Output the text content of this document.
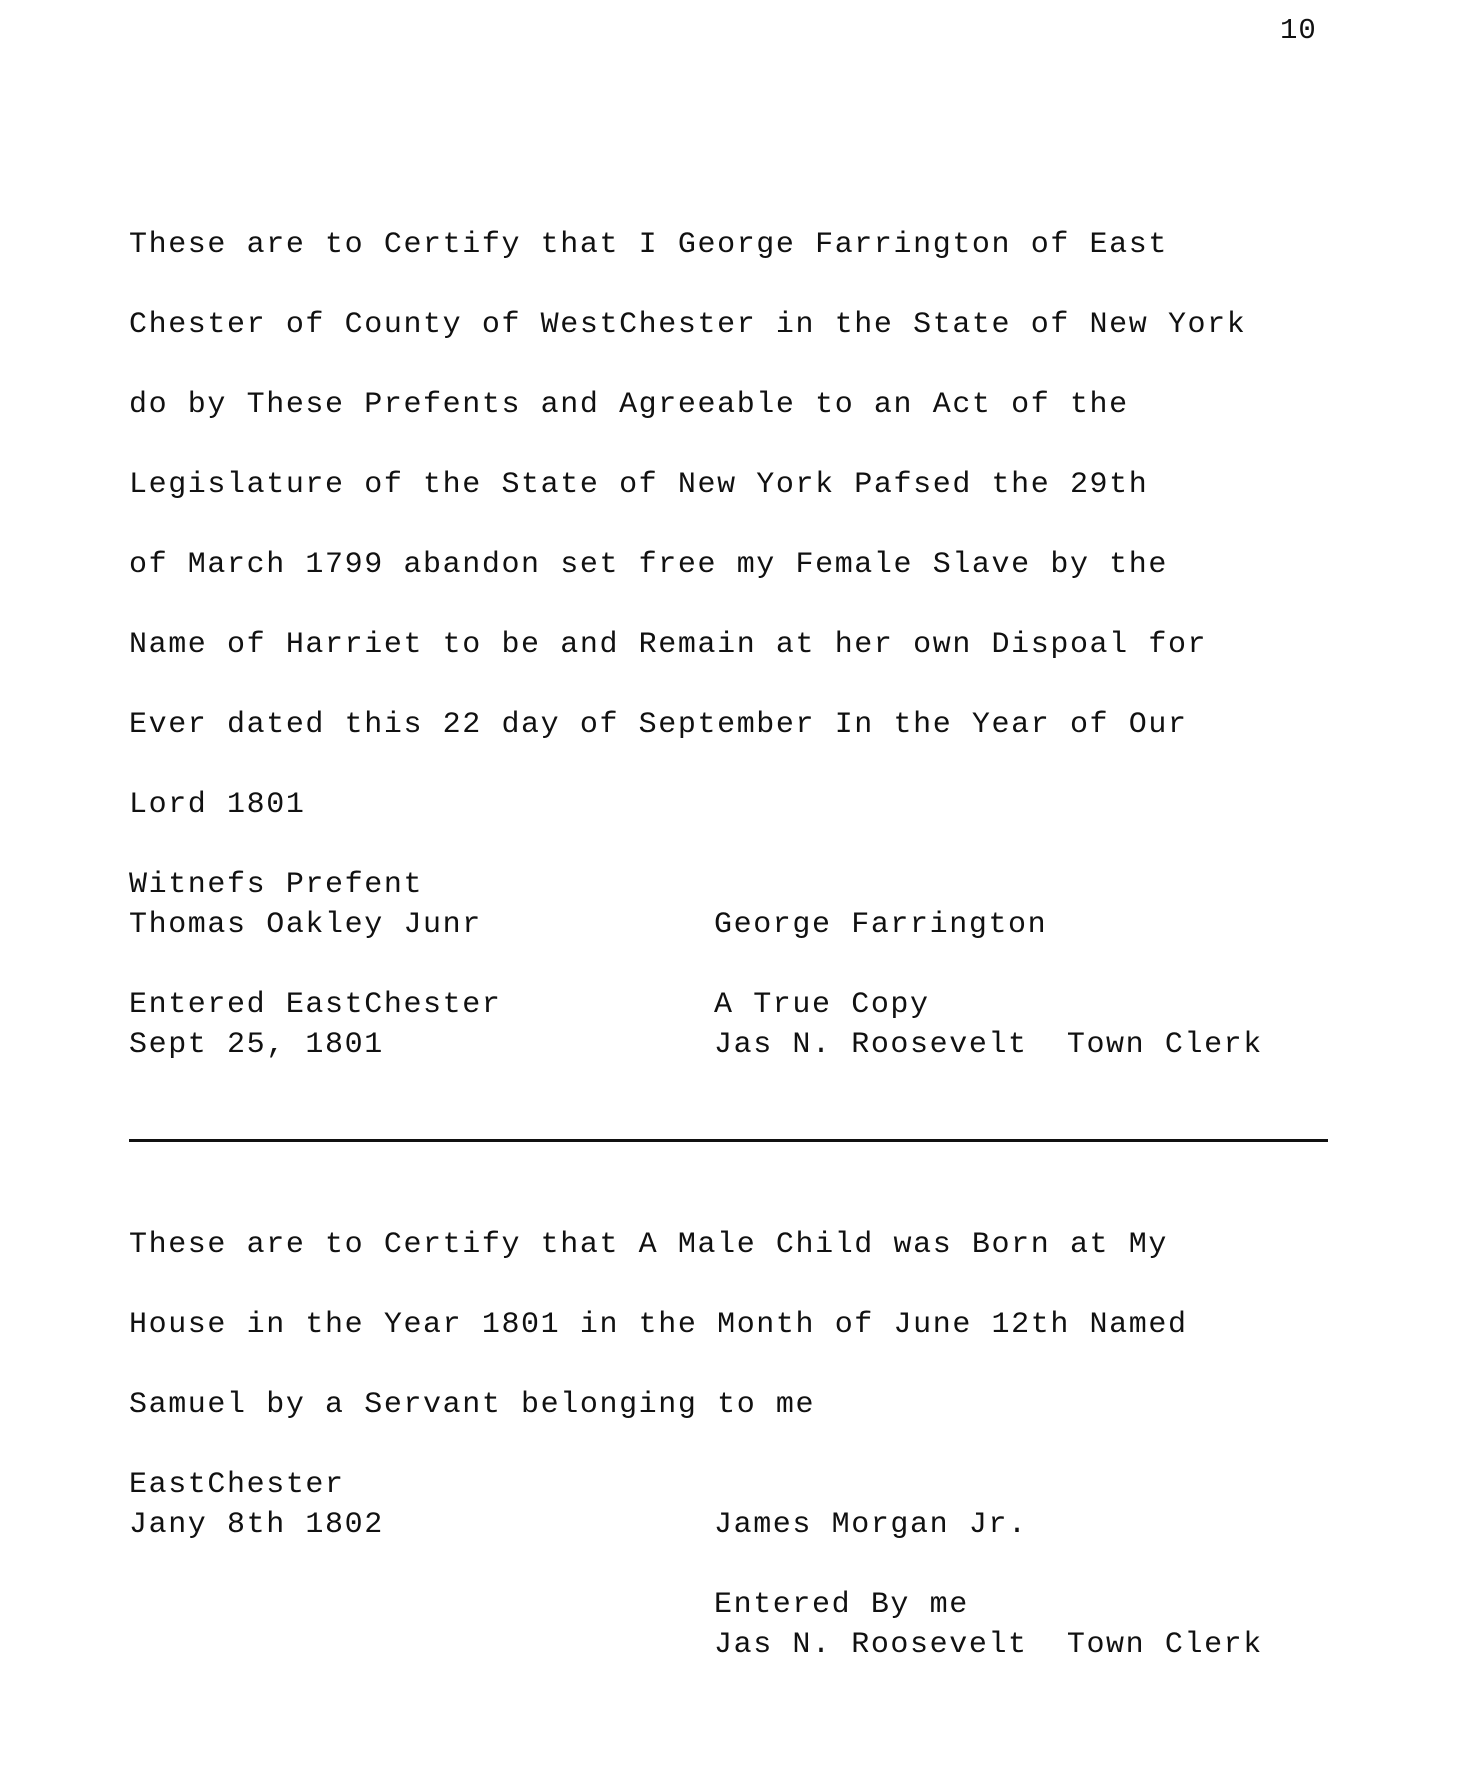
10
These are to Certify that I George Farrington of East
Chester of County of WestChester in the State of New York
do by These Prefents and Agreeable to an Act of the
Legislature of the State of New York Pafsed the 29th
of March 1799 abandon set free my Female Slave by the
Name of Harriet to be and Remain at her own Dispoal for
Ever dated this 22 day of September In the Year of Our
Lord 1801
Witnefs Prefent
Thomas Oakley Junr	George Farrington
Entered EastChester	A True Copy
Sept 25, 1801	Jas N. Roosevelt  Town Clerk
These are to Certify that A Male Child was Born at My
House in the Year 1801 in the Month of June 12th Named
Samuel by a Servant belonging to me
EastChester
Jany 8th 1802	James Morgan Jr.
Entered By me
Jas N. Roosevelt  Town Clerk
